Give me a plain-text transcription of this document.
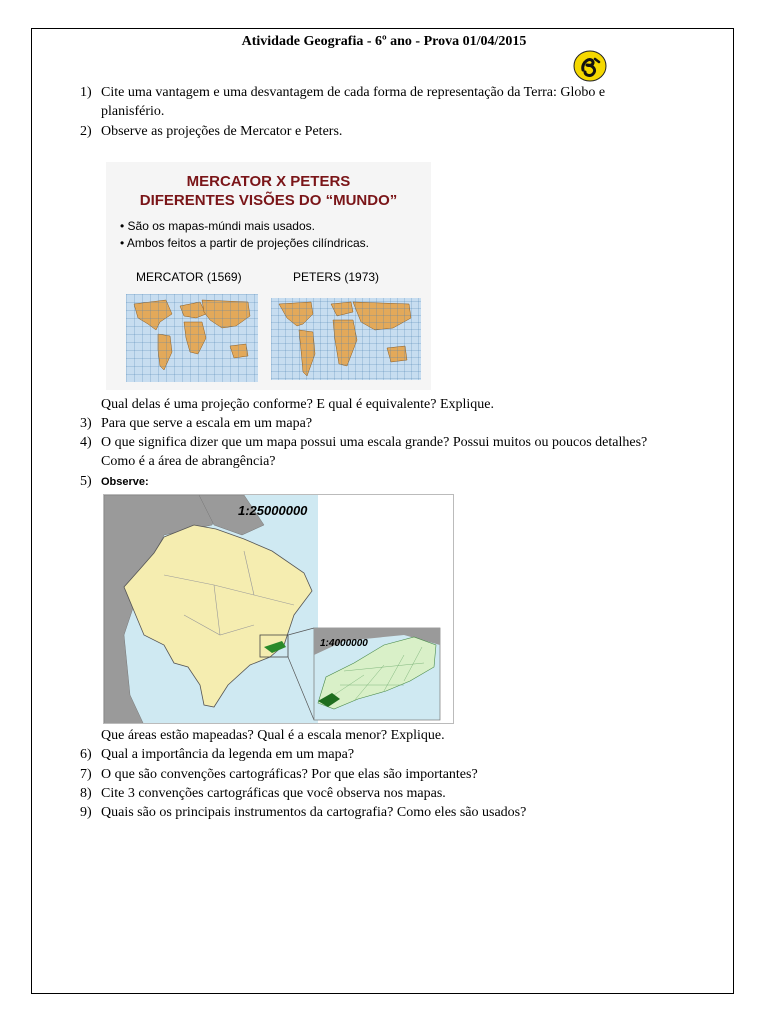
Atividade Geografia - 6º ano - Prova 01/04/2015
1) Cite uma vantagem e uma desvantagem de cada forma de representação da Terra: Globo e
planisfério.
2) Observe as projeções de Mercator e Peters.
MERCATOR X PETERS
DIFERENTES VISÕES DO “MUNDO”
• São os mapas-múndi mais usados.
• Ambos feitos a partir de projeções cilíndricas.
MERCATOR (1569)	PETERS (1973)
Qual delas é uma projeção conforme? E qual é equivalente? Explique.
3) Para que serve a escala em um mapa?
4) O que significa dizer que um mapa possui uma escala grande? Possui muitos ou poucos detalhes?
Como é a área de abrangência?
5) Observe:
1:25000000
1:4000000
Que áreas estão mapeadas? Qual é a escala menor? Explique.
6) Qual a importância da legenda em um mapa?
7) O que são convenções cartográficas? Por que elas são importantes?
8) Cite 3 convenções cartográficas que você observa nos mapas.
9) Quais são os principais instrumentos da cartografia? Como eles são usados?
